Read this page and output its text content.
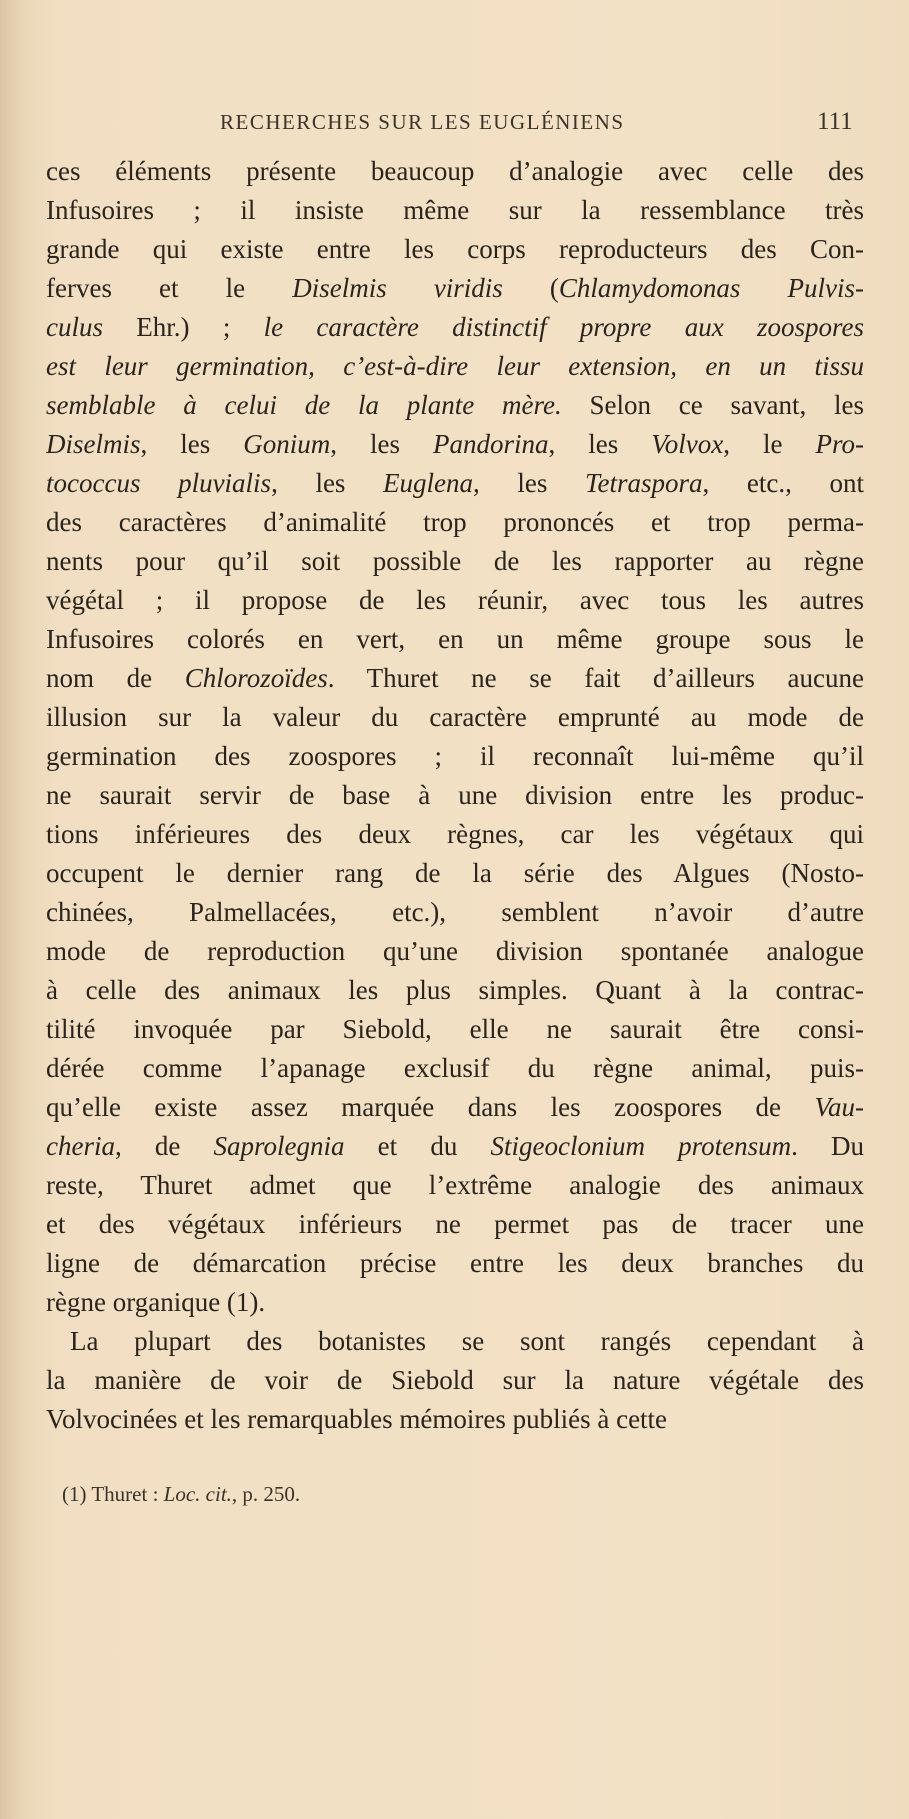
RECHERCHES SUR LES EUGLÉNIENS	111
ces éléments présente beaucoup d’analogie avec celle des
Infusoires ; il insiste même sur la ressemblance très
grande qui existe entre les corps reproducteurs des Con-
ferves et le Diselmis viridis (Chlamydomonas Pulvis-
culus Ehr.) ; le caractère distinctif propre aux zoospores
est leur germination, c’est-à-dire leur extension, en un tissu
semblable à celui de la plante mère. Selon ce savant, les
Diselmis, les Gonium, les Pandorina, les Volvox, le Pro-
tococcus pluvialis, les Euglena, les Tetraspora, etc., ont
des caractères d’animalité trop prononcés et trop perma-
nents pour qu’il soit possible de les rapporter au règne
végétal ; il propose de les réunir, avec tous les autres
Infusoires colorés en vert, en un même groupe sous le
nom de Chlorozoïdes. Thuret ne se fait d’ailleurs aucune
illusion sur la valeur du caractère emprunté au mode de
germination des zoospores ; il reconnaît lui-même qu’il
ne saurait servir de base à une division entre les produc-
tions inférieures des deux règnes, car les végétaux qui
occupent le dernier rang de la série des Algues (Nosto-
chinées, Palmellacées, etc.), semblent n’avoir d’autre
mode de reproduction qu’une division spontanée analogue
à celle des animaux les plus simples. Quant à la contrac-
tilité invoquée par Siebold, elle ne saurait être consi-
dérée comme l’apanage exclusif du règne animal, puis-
qu’elle existe assez marquée dans les zoospores de Vau-
cheria, de Saprolegnia et du Stigeoclonium protensum. Du
reste, Thuret admet que l’extrême analogie des animaux
et des végétaux inférieurs ne permet pas de tracer une
ligne de démarcation précise entre les deux branches du
règne organique (1).
La plupart des botanistes se sont rangés cependant à
la manière de voir de Siebold sur la nature végétale des
Volvocinées et les remarquables mémoires publiés à cette
(1) Thuret : Loc. cit., p. 250.
